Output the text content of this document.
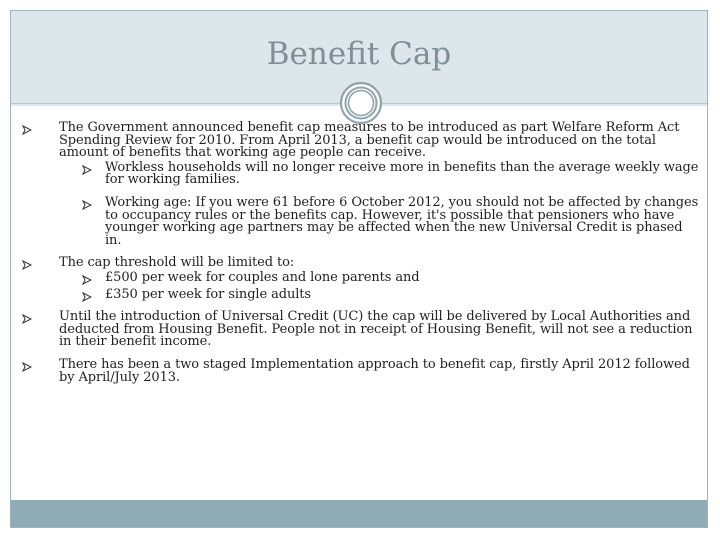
Benefit Cap
The Government announced benefit cap measures to be introduced as part Welfare Reform Act Spending Review for 2010. From April 2013, a benefit cap would be introduced on the total amount of benefits that working age people can receive.
Workless households will no longer receive more in benefits than the average weekly wage for working families.
Working age: If you were 61 before 6 October 2012, you should not be affected by changes to occupancy rules or the benefits cap. However, it's possible that pensioners who have younger working age partners may be affected when the new Universal Credit is phased in.
The cap threshold will be limited to:
£500 per week for couples and lone parents and
£350 per week for single adults
Until the introduction of Universal Credit (UC) the cap will be delivered by Local Authorities and deducted from Housing Benefit. People not in receipt of Housing Benefit, will not see a reduction in their benefit income.
There has been a two staged Implementation approach to benefit cap, firstly April 2012 followed by April/July 2013.
